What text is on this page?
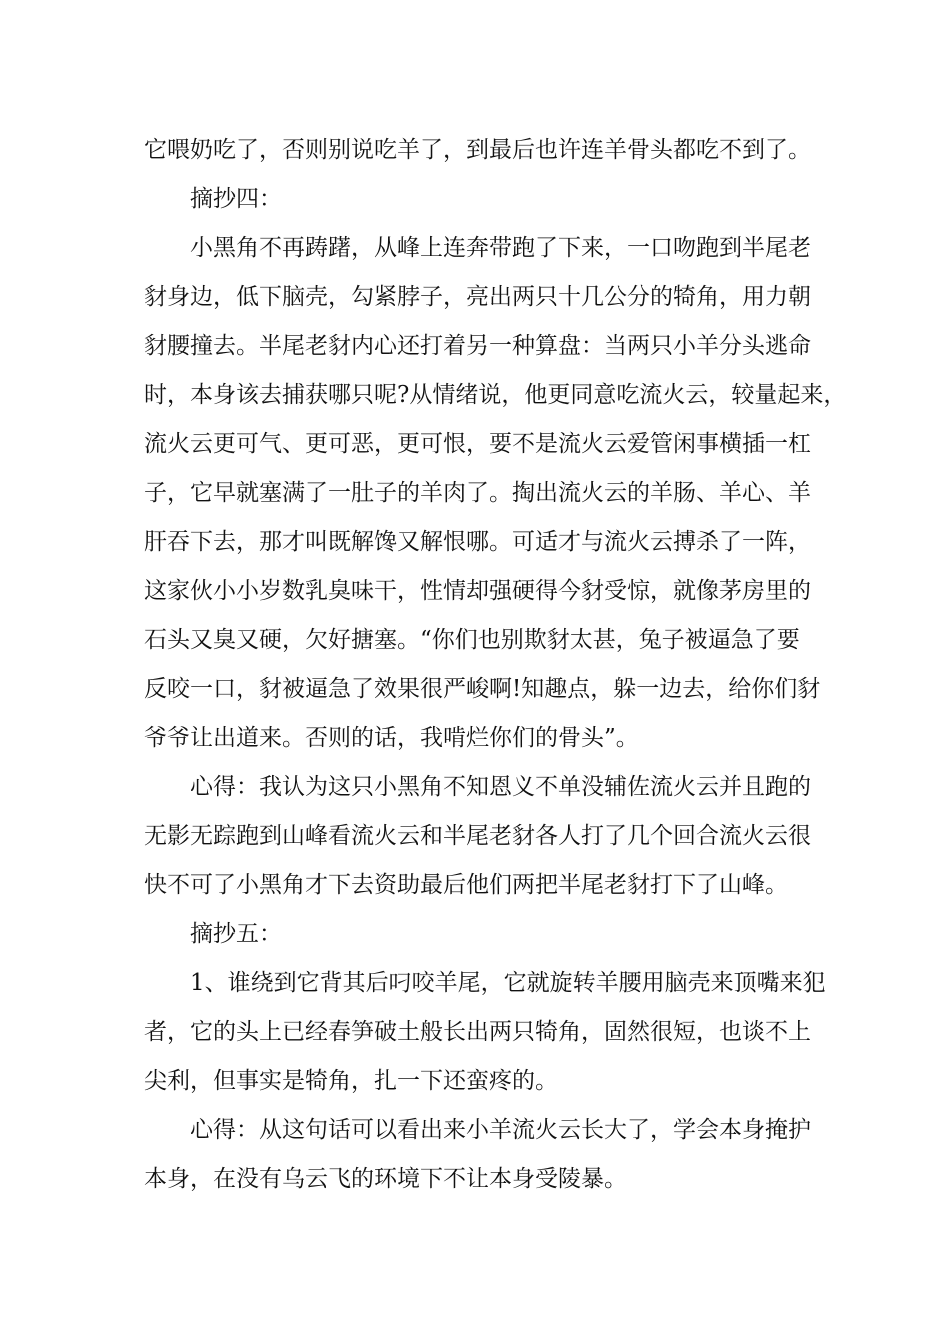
它喂奶吃了，否则别说吃羊了，到最后也许连羊骨头都吃不到了。
摘抄四：
小黑角不再踌躇，从峰上连奔带跑了下来，一口吻跑到半尾老
豺身边，低下脑壳，勾紧脖子，亮出两只十几公分的犄角，用力朝
豺腰撞去。半尾老豺内心还打着另一种算盘：当两只小羊分头逃命
时，本身该去捕获哪只呢?从情绪说，他更同意吃流火云，较量起来，
流火云更可气、更可恶，更可恨，要不是流火云爱管闲事横插一杠
子，它早就塞满了一肚子的羊肉了。掏出流火云的羊肠、羊心、羊
肝吞下去，那才叫既解馋又解恨哪。可适才与流火云搏杀了一阵，
这家伙小小岁数乳臭味干，性情却强硬得今豺受惊，就像茅房里的
石头又臭又硬，欠好搪塞。“你们也别欺豺太甚，兔子被逼急了要
反咬一口，豺被逼急了效果很严峻啊!知趣点，躲一边去，给你们豺
爷爷让出道来。否则的话，我啃烂你们的骨头”。
心得：我认为这只小黑角不知恩义不单没辅佐流火云并且跑的
无影无踪跑到山峰看流火云和半尾老豺各人打了几个回合流火云很
快不可了小黑角才下去资助最后他们两把半尾老豺打下了山峰。
摘抄五：
1、谁绕到它背其后叼咬羊尾，它就旋转羊腰用脑壳来顶嘴来犯
者，它的头上已经春笋破土般长出两只犄角，固然很短，也谈不上
尖利，但事实是犄角，扎一下还蛮疼的。
心得：从这句话可以看出来小羊流火云长大了，学会本身掩护
本身，在没有乌云飞的环境下不让本身受陵暴。
